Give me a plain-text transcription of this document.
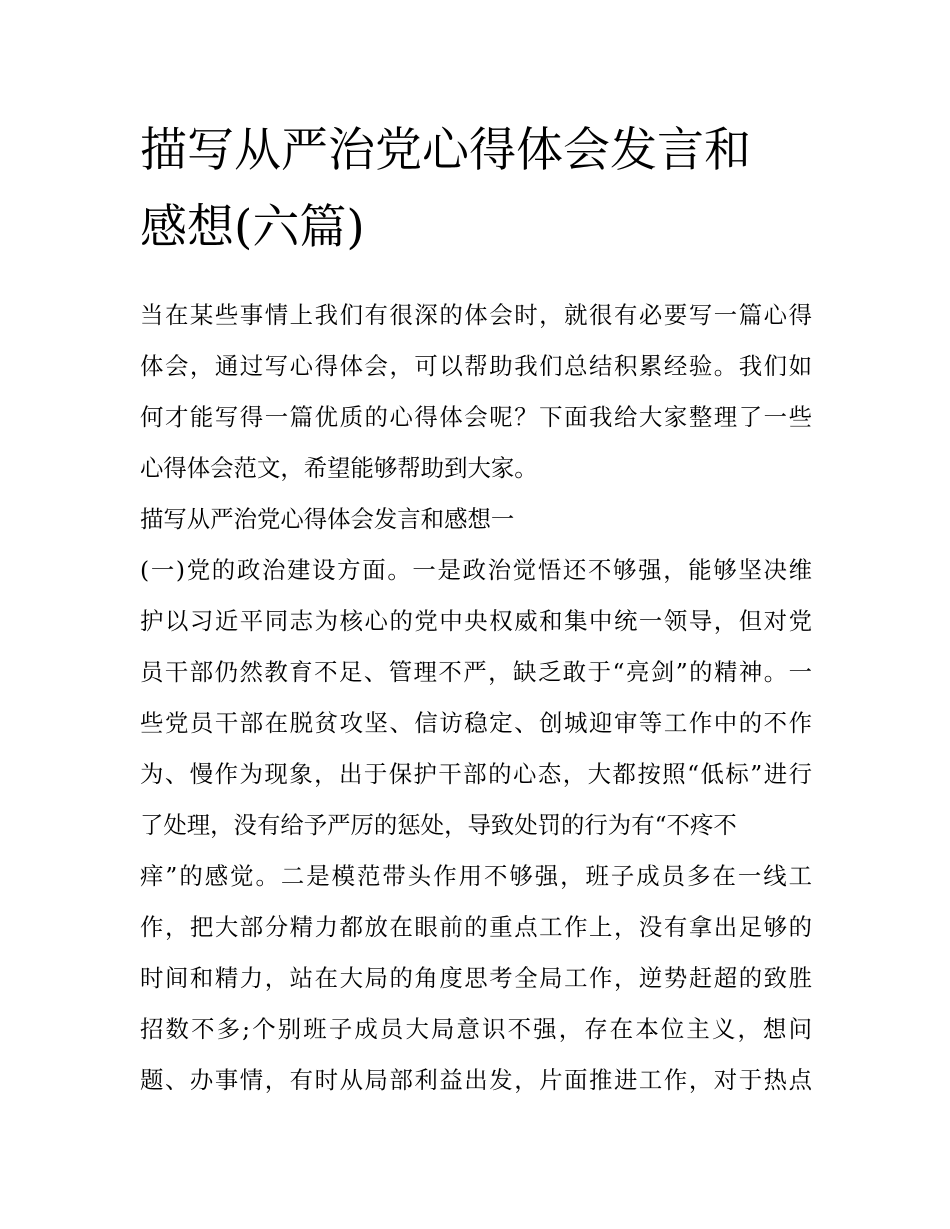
描写从严治党心得体会发言和
感想(六篇)
当在某些事情上我们有很深的体会时，就很有必要写一篇心得
体会，通过写心得体会，可以帮助我们总结积累经验。我们如
何才能写得一篇优质的心得体会呢？下面我给大家整理了一些
心得体会范文，希望能够帮助到大家。
描写从严治党心得体会发言和感想一
(一)党的政治建设方面。一是政治觉悟还不够强，能够坚决维
护以习近平同志为核心的党中央权威和集中统一领导，但对党
员干部仍然教育不足、管理不严，缺乏敢于“亮剑”的精神。一
些党员干部在脱贫攻坚、信访稳定、创城迎审等工作中的不作
为、慢作为现象，出于保护干部的心态，大都按照“低标”进行
了处理，没有给予严厉的惩处，导致处罚的行为有“不疼不
痒”的感觉。二是模范带头作用不够强，班子成员多在一线工
作，把大部分精力都放在眼前的重点工作上，没有拿出足够的
时间和精力，站在大局的角度思考全局工作，逆势赶超的致胜
招数不多;个别班子成员大局意识不强，存在本位主义，想问
题、办事情，有时从局部利益出发，片面推进工作，对于热点
